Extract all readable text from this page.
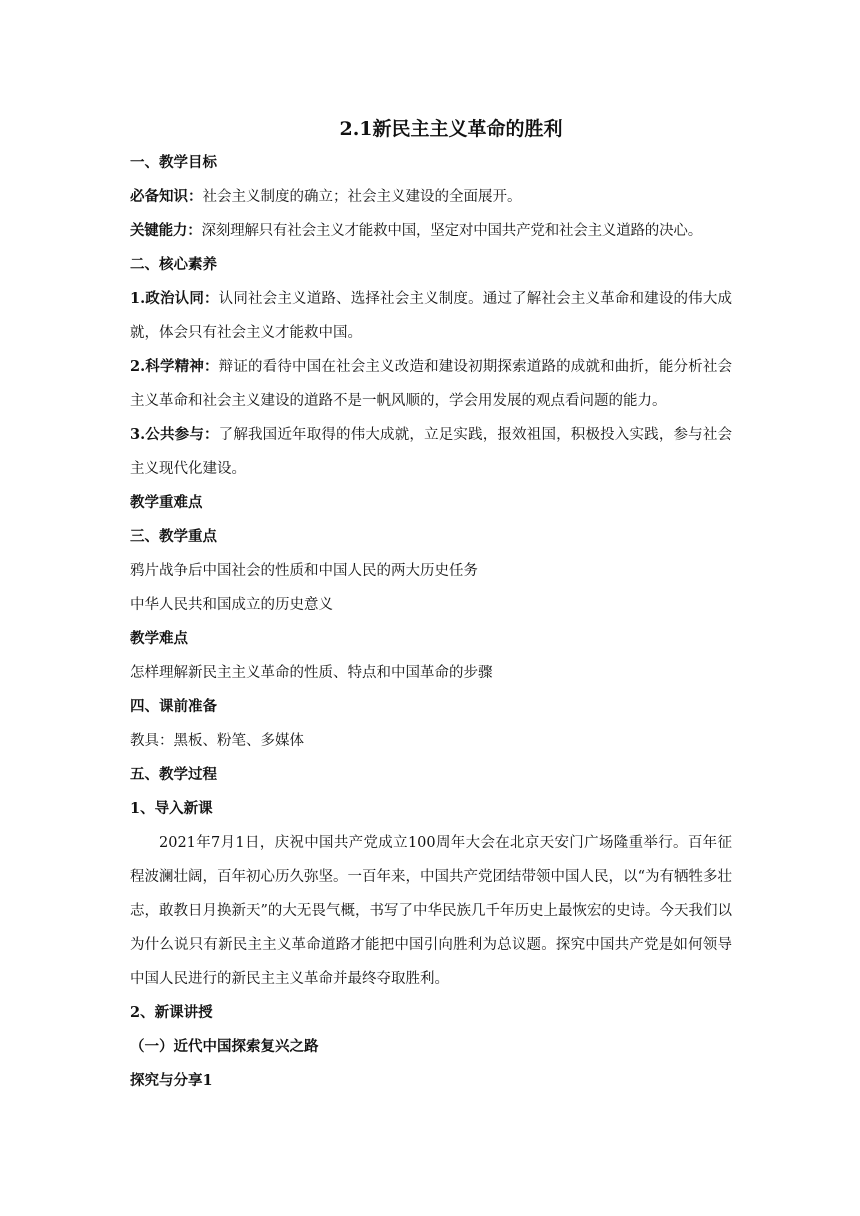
2.1新民主主义革命的胜利

一、教学目标

必备知识：社会主义制度的确立；社会主义建设的全面展开。

关键能力：深刻理解只有社会主义才能救中国，坚定对中国共产党和社会主义道路的决心。

二、核心素养

1.政治认同：认同社会主义道路、选择社会主义制度。通过了解社会主义革命和建设的伟大成就，体会只有社会主义才能救中国。

2.科学精神：辩证的看待中国在社会主义改造和建设初期探索道路的成就和曲折，能分析社会主义革命和社会主义建设的道路不是一帆风顺的，学会用发展的观点看问题的能力。

3.公共参与：了解我国近年取得的伟大成就，立足实践，报效祖国，积极投入实践，参与社会主义现代化建设。

教学重难点

三、教学重点

鸦片战争后中国社会的性质和中国人民的两大历史任务

中华人民共和国成立的历史意义

教学难点

怎样理解新民主主义革命的性质、特点和中国革命的步骤

四、课前准备

教具：黑板、粉笔、多媒体

五、教学过程

1、导入新课

2021年7月1日，庆祝中国共产党成立100周年大会在北京天安门广场隆重举行。百年征程波澜壮阔，百年初心历久弥坚。一百年来，中国共产党团结带领中国人民，以“为有牺牲多壮志，敢教日月换新天”的大无畏气概，书写了中华民族几千年历史上最恢宏的史诗。今天我们以为什么说只有新民主主义革命道路才能把中国引向胜利为总议题。探究中国共产党是如何领导中国人民进行的新民主主义革命并最终夺取胜利。

2、新课讲授

（一）近代中国探索复兴之路

探究与分享1
